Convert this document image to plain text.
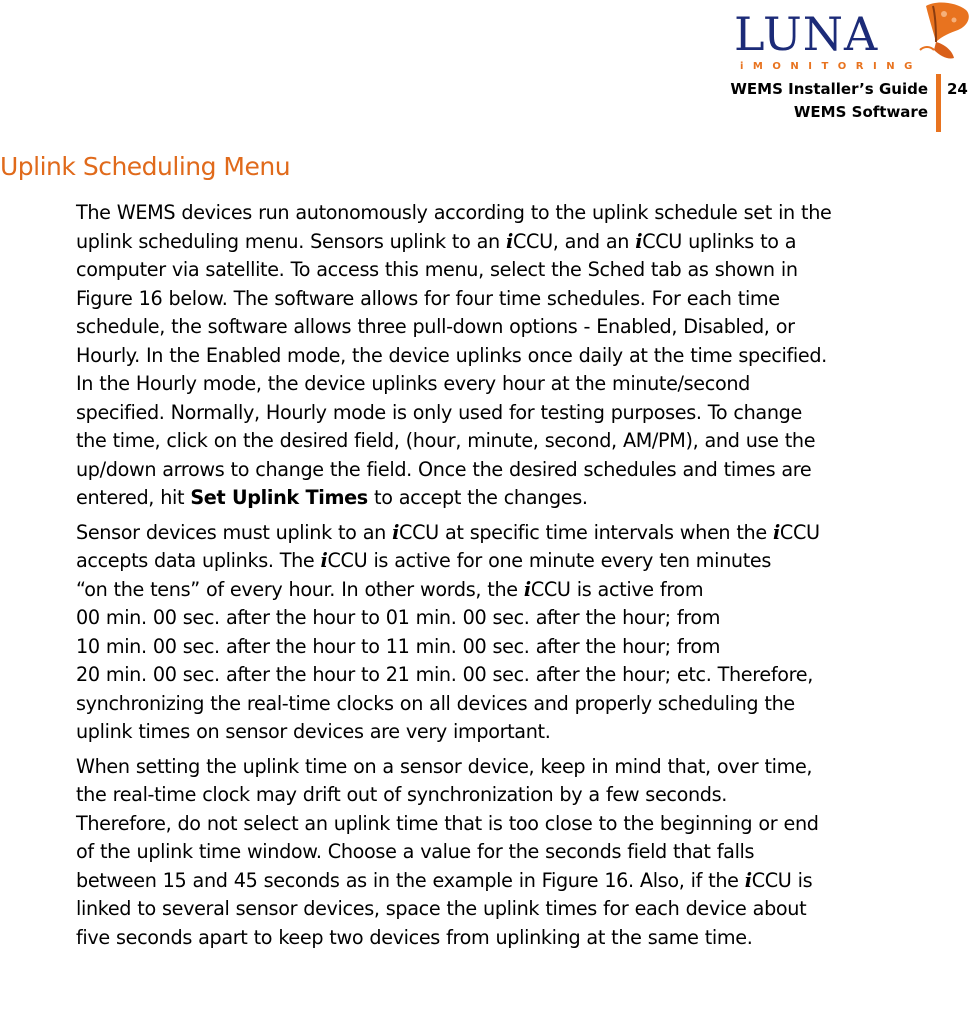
LUNA
iMONITORING
WEMS Installer’s Guide
WEMS Software
24
Uplink Scheduling Menu
The WEMS devices run autonomously according to the uplink schedule set in the
uplink scheduling menu. Sensors uplink to an iCCU, and an iCCU uplinks to a
computer via satellite. To access this menu, select the Sched tab as shown in
Figure 16 below. The software allows for four time schedules. For each time
schedule, the software allows three pull-down options - Enabled, Disabled, or
Hourly. In the Enabled mode, the device uplinks once daily at the time specified.
In the Hourly mode, the device uplinks every hour at the minute/second
specified. Normally, Hourly mode is only used for testing purposes. To change
the time, click on the desired field, (hour, minute, second, AM/PM), and use the
up/down arrows to change the field. Once the desired schedules and times are
entered, hit Set Uplink Times to accept the changes.
Sensor devices must uplink to an iCCU at specific time intervals when the iCCU
accepts data uplinks. The iCCU is active for one minute every ten minutes
“on the tens” of every hour. In other words, the iCCU is active from
00 min. 00 sec. after the hour to 01 min. 00 sec. after the hour; from
10 min. 00 sec. after the hour to 11 min. 00 sec. after the hour; from
20 min. 00 sec. after the hour to 21 min. 00 sec. after the hour; etc. Therefore,
synchronizing the real-time clocks on all devices and properly scheduling the
uplink times on sensor devices are very important.
When setting the uplink time on a sensor device, keep in mind that, over time,
the real-time clock may drift out of synchronization by a few seconds.
Therefore, do not select an uplink time that is too close to the beginning or end
of the uplink time window. Choose a value for the seconds field that falls
between 15 and 45 seconds as in the example in Figure 16. Also, if the iCCU is
linked to several sensor devices, space the uplink times for each device about
five seconds apart to keep two devices from uplinking at the same time.
